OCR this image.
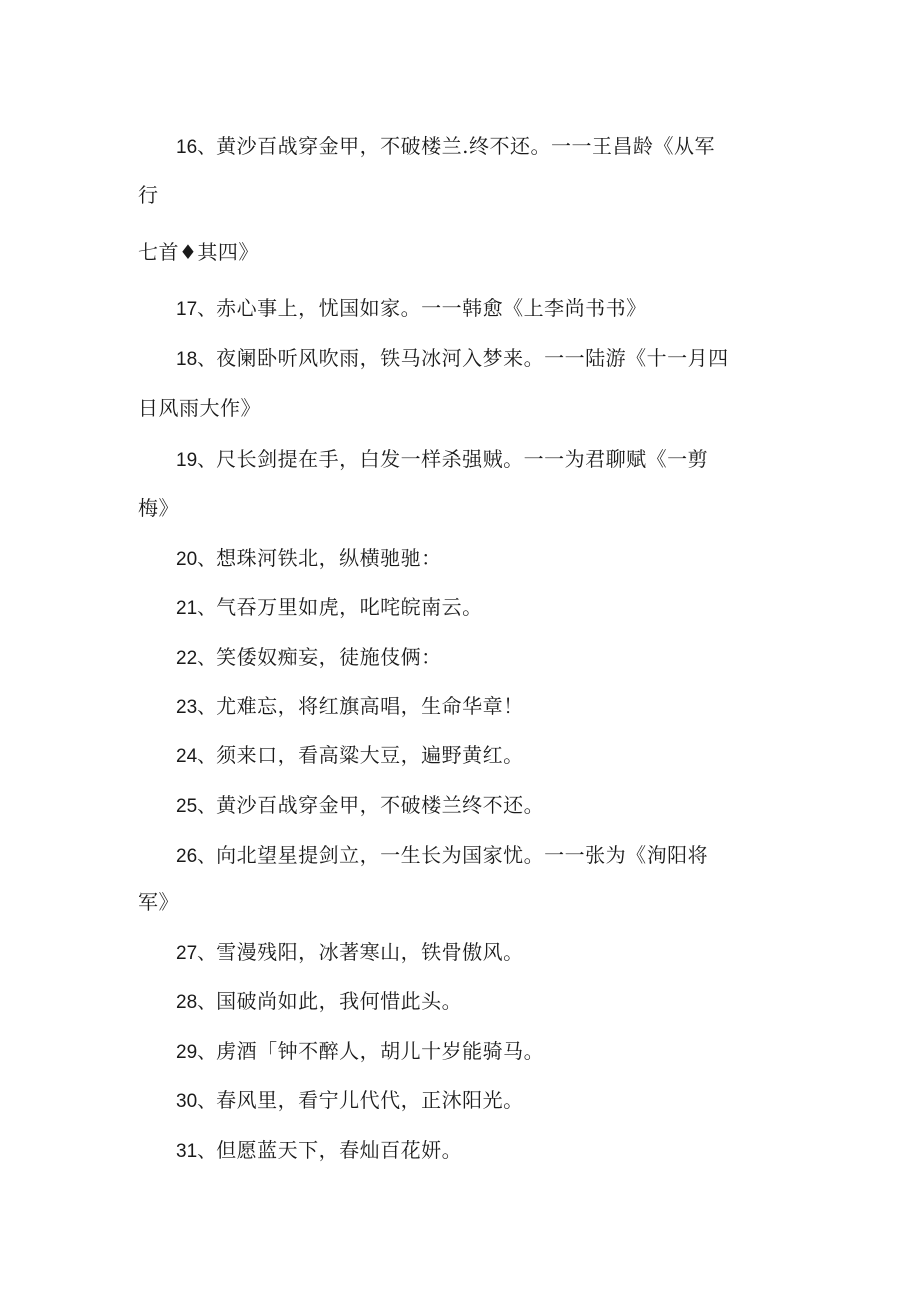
16、黄沙百战穿金甲，不破楼兰.终不还。一一王昌龄《从军
行
七首♦其四》
17、赤心事上，忧国如家。一一韩愈《上李尚书书》
18、夜阑卧听风吹雨，铁马冰河入梦来。一一陆游《十一月四
日风雨大作》
19、尺长剑提在手，白发一样杀强贼。一一为君聊赋《一剪
梅》
20、想珠河铁北，纵横驰驰：
21、气吞万里如虎，叱咤皖南云。
22、笑倭奴痴妄，徒施伎俩：
23、尤难忘，将红旗高唱，生命华章！
24、须来口，看高粱大豆，遍野黄红。
25、黄沙百战穿金甲，不破楼兰终不还。
26、向北望星提剑立，一生长为国家忧。一一张为《洵阳将
军》
27、雪漫残阳，冰著寒山，铁骨傲风。
28、国破尚如此，我何惜此头。
29、虏酒「钟不醉人，胡儿十岁能骑马。
30、春风里，看宁儿代代，正沐阳光。
31、但愿蓝天下，春灿百花妍。
